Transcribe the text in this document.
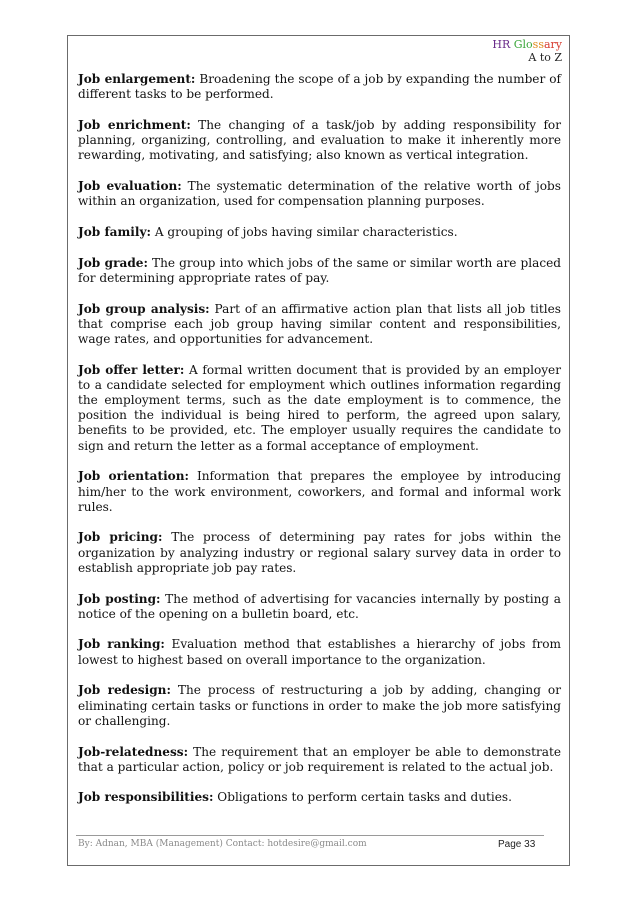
HR Glossary
A to Z

Job enlargement: Broadening the scope of a job by expanding the number of different tasks to be performed.

Job enrichment: The changing of a task/job by adding responsibility for planning, organizing, controlling, and evaluation to make it inherently more rewarding, motivating, and satisfying; also known as vertical integration.

Job evaluation: The systematic determination of the relative worth of jobs within an organization, used for compensation planning purposes.

Job family: A grouping of jobs having similar characteristics.

Job grade: The group into which jobs of the same or similar worth are placed for determining appropriate rates of pay.

Job group analysis: Part of an affirmative action plan that lists all job titles that comprise each job group having similar content and responsibilities, wage rates, and opportunities for advancement.

Job offer letter: A formal written document that is provided by an employer to a candidate selected for employment which outlines information regarding the employment terms, such as the date employment is to commence, the position the individual is being hired to perform, the agreed upon salary, benefits to be provided, etc. The employer usually requires the candidate to sign and return the letter as a formal acceptance of employment.

Job orientation: Information that prepares the employee by introducing him/her to the work environment, coworkers, and formal and informal work rules.

Job pricing: The process of determining pay rates for jobs within the organization by analyzing industry or regional salary survey data in order to establish appropriate job pay rates.

Job posting: The method of advertising for vacancies internally by posting a notice of the opening on a bulletin board, etc.

Job ranking: Evaluation method that establishes a hierarchy of jobs from lowest to highest based on overall importance to the organization.

Job redesign: The process of restructuring a job by adding, changing or eliminating certain tasks or functions in order to make the job more satisfying or challenging.

Job-relatedness: The requirement that an employer be able to demonstrate that a particular action, policy or job requirement is related to the actual job.

Job responsibilities: Obligations to perform certain tasks and duties.

By: Adnan, MBA (Management) Contact: hotdesire@gmail.com	Page 33
